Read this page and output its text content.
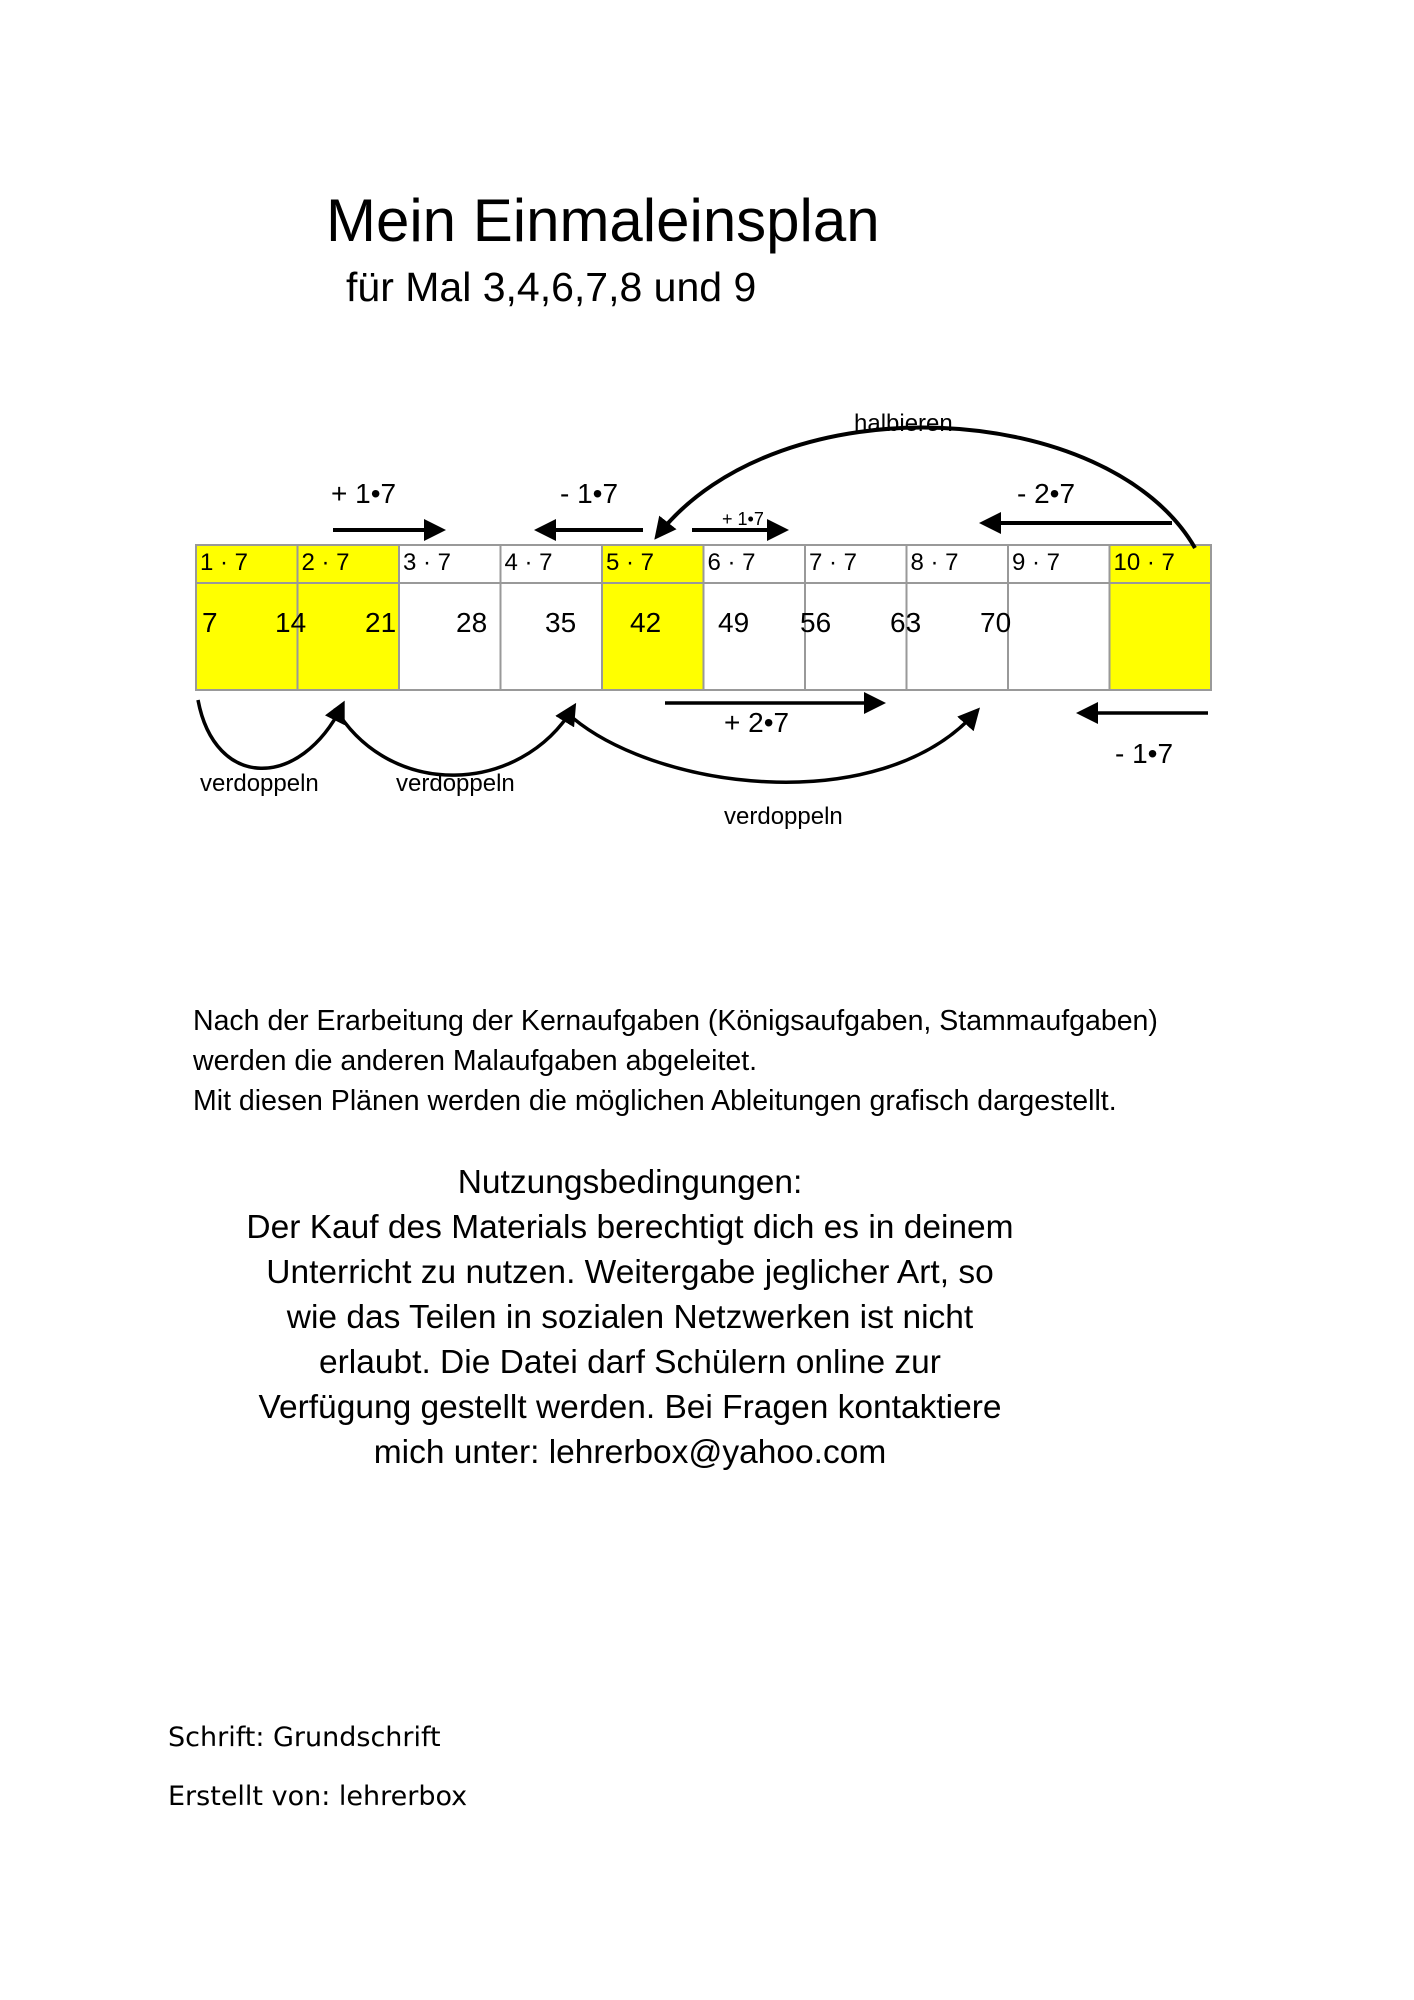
Mein Einmaleinsplan
für Mal 3,4,6,7,8 und 9
1 · 7	2 · 7	3 · 7	4 · 7	5 · 7	6 · 7	7 · 7	8 · 7	9 · 7	10 · 7
7 14 21 28 35 42 49 56 63 70
+ 1•7	- 1•7
+ 1•7
- 2•7
halbieren
verdoppeln	verdoppeln
verdoppeln
+ 2•7
- 1•7
Nach der Erarbeitung der Kernaufgaben (Königsaufgaben, Stammaufgaben)
werden die anderen Malaufgaben abgeleitet.
Mit diesen Plänen werden die möglichen Ableitungen grafisch dargestellt.
Nutzungsbedingungen:
Der Kauf des Materials berechtigt dich es in deinem
Unterricht zu nutzen. Weitergabe jeglicher Art, so
wie das Teilen in sozialen Netzwerken ist nicht
erlaubt. Die Datei darf Schülern online zur
Verfügung gestellt werden. Bei Fragen kontaktiere
mich unter: lehrerbox@yahoo.com
Schrift: Grundschrift
Erstellt von: lehrerbox
